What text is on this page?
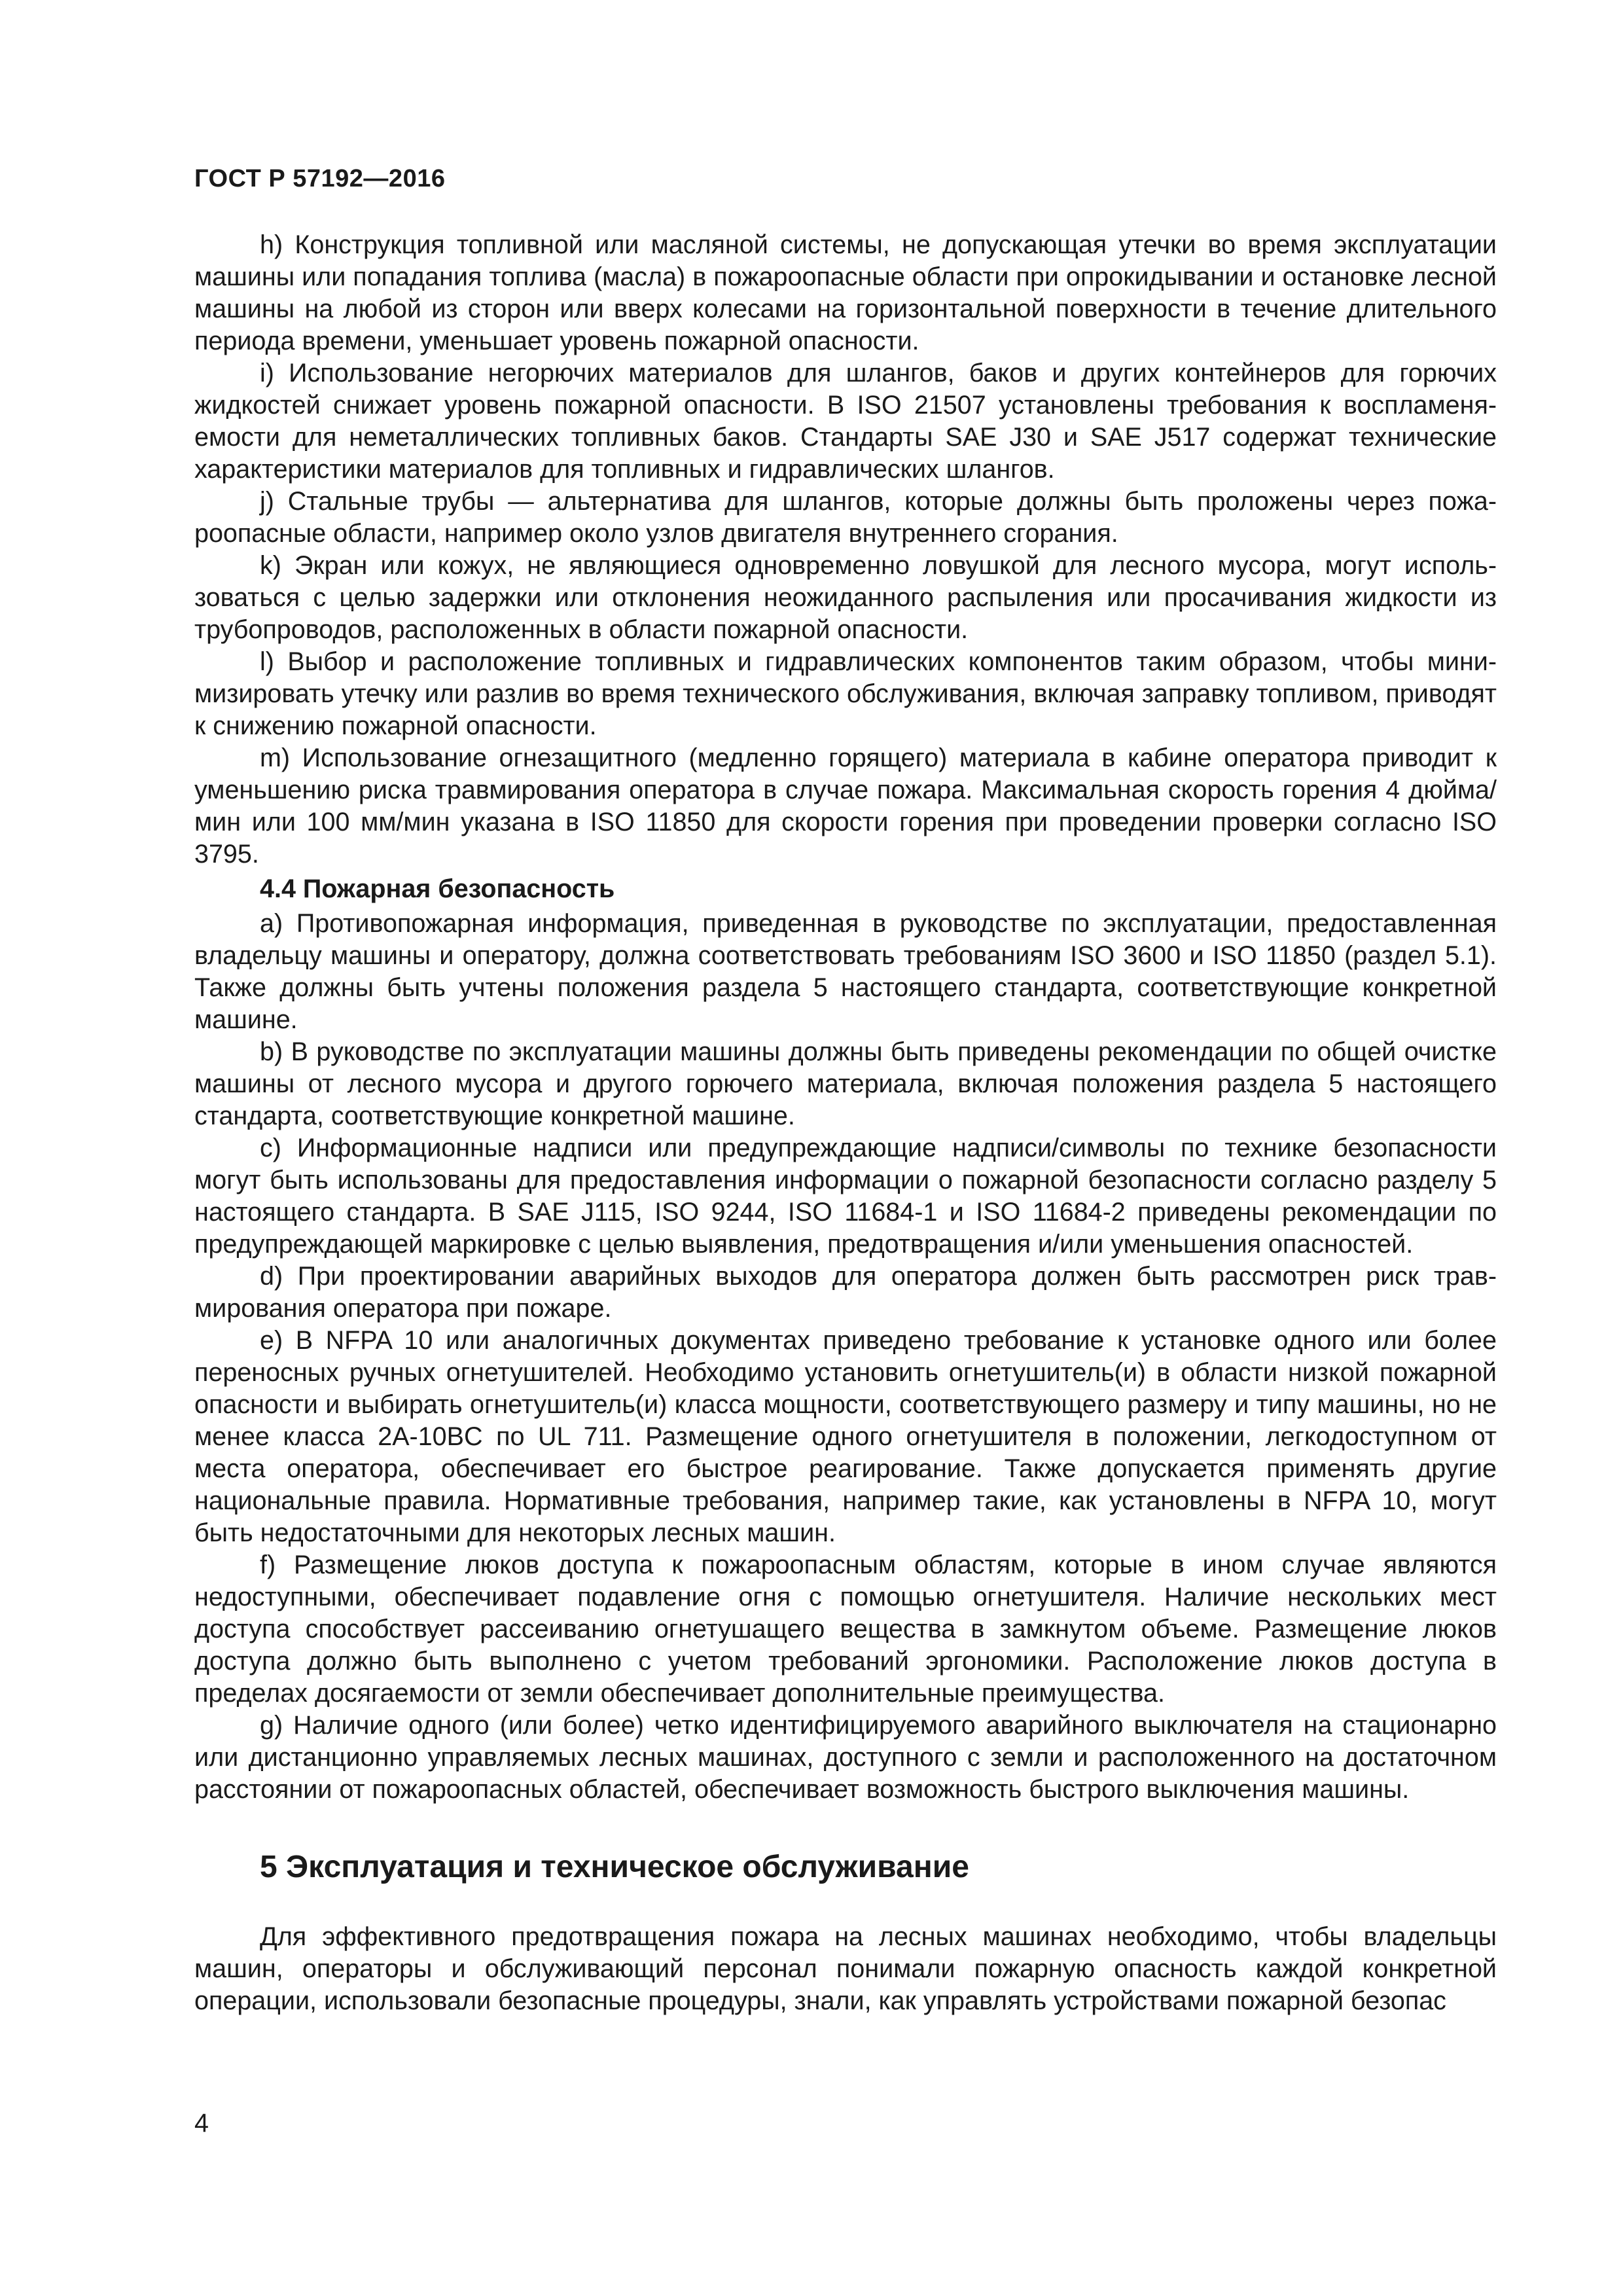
ГОСТ Р 57192—2016

h) Конструкция топливной или масляной системы, не допускающая утечки во время эксплуатации машины или попадания топлива (масла) в пожароопасные области при опрокидывании и остановке лесной машины на любой из сторон или вверх колесами на горизонтальной поверхности в течение длительного периода времени, уменьшает уровень пожарной опасности.

i) Использование негорючих материалов для шлангов, баков и других контейнеров для горючих жидкостей снижает уровень пожарной опасности. В ISO 21507 установлены требования к воспламеняемости для неметаллических топливных баков. Стандарты SAE J30 и SAE J517 содержат технические характеристики материалов для топливных и гидравлических шлангов.

j) Стальные трубы — альтернатива для шлангов, которые должны быть проложены через пожароопасные области, например около узлов двигателя внутреннего сгорания.

k) Экран или кожух, не являющиеся одновременно ловушкой для лесного мусора, могут использоваться с целью задержки или отклонения неожиданного распыления или просачивания жидкости из трубопроводов, расположенных в области пожарной опасности.

l) Выбор и расположение топливных и гидравлических компонентов таким образом, чтобы минимизировать утечку или разлив во время технического обслуживания, включая заправку топливом, приводят к снижению пожарной опасности.

m) Использование огнезащитного (медленно горящего) материала в кабине оператора приводит к уменьшению риска травмирования оператора в случае пожара. Максимальная скорость горения 4 дюйма/мин или 100 мм/мин указана в ISO 11850 для скорости горения при проведении проверки согласно ISO 3795.

4.4 Пожарная безопасность

a) Противопожарная информация, приведенная в руководстве по эксплуатации, предоставленная владельцу машины и оператору, должна соответствовать требованиям ISO 3600 и ISO 11850 (раздел 5.1). Также должны быть учтены положения раздела 5 настоящего стандарта, соответствующие конкретной машине.

b) В руководстве по эксплуатации машины должны быть приведены рекомендации по общей очистке машины от лесного мусора и другого горючего материала, включая положения раздела 5 настоящего стандарта, соответствующие конкретной машине.

c) Информационные надписи или предупреждающие надписи/символы по технике безопасности могут быть использованы для предоставления информации о пожарной безопасности согласно разделу 5 настоящего стандарта. В SAE J115, ISO 9244, ISO 11684-1 и ISO 11684-2 приведены рекомендации по предупреждающей маркировке с целью выявления, предотвращения и/или уменьшения опасностей.

d) При проектировании аварийных выходов для оператора должен быть рассмотрен риск травмирования оператора при пожаре.

e) В NFPA 10 или аналогичных документах приведено требование к установке одного или более переносных ручных огнетушителей. Необходимо установить огнетушитель(и) в области низкой пожарной опасности и выбирать огнетушитель(и) класса мощности, соответствующего размеру и типу машины, но не менее класса 2A-10BC по UL 711. Размещение одного огнетушителя в положении, легкодоступном от места оператора, обеспечивает его быстрое реагирование. Также допускается применять другие национальные правила. Нормативные требования, например такие, как установлены в NFPA 10, могут быть недостаточными для некоторых лесных машин.

f) Размещение люков доступа к пожароопасным областям, которые в ином случае являются недоступными, обеспечивает подавление огня с помощью огнетушителя. Наличие нескольких мест доступа способствует рассеиванию огнетушащего вещества в замкнутом объеме. Размещение люков доступа должно быть выполнено с учетом требований эргономики. Расположение люков доступа в пределах досягаемости от земли обеспечивает дополнительные преимущества.

g) Наличие одного (или более) четко идентифицируемого аварийного выключателя на стационарно или дистанционно управляемых лесных машинах, доступного с земли и расположенного на достаточном расстоянии от пожароопасных областей, обеспечивает возможность быстрого выключения машины.

5 Эксплуатация и техническое обслуживание

Для эффективного предотвращения пожара на лесных машинах необходимо, чтобы владельцы машин, операторы и обслуживающий персонал понимали пожарную опасность каждой конкретной операции, использовали безопасные процедуры, знали, как управлять устройствами пожарной безопас

4
